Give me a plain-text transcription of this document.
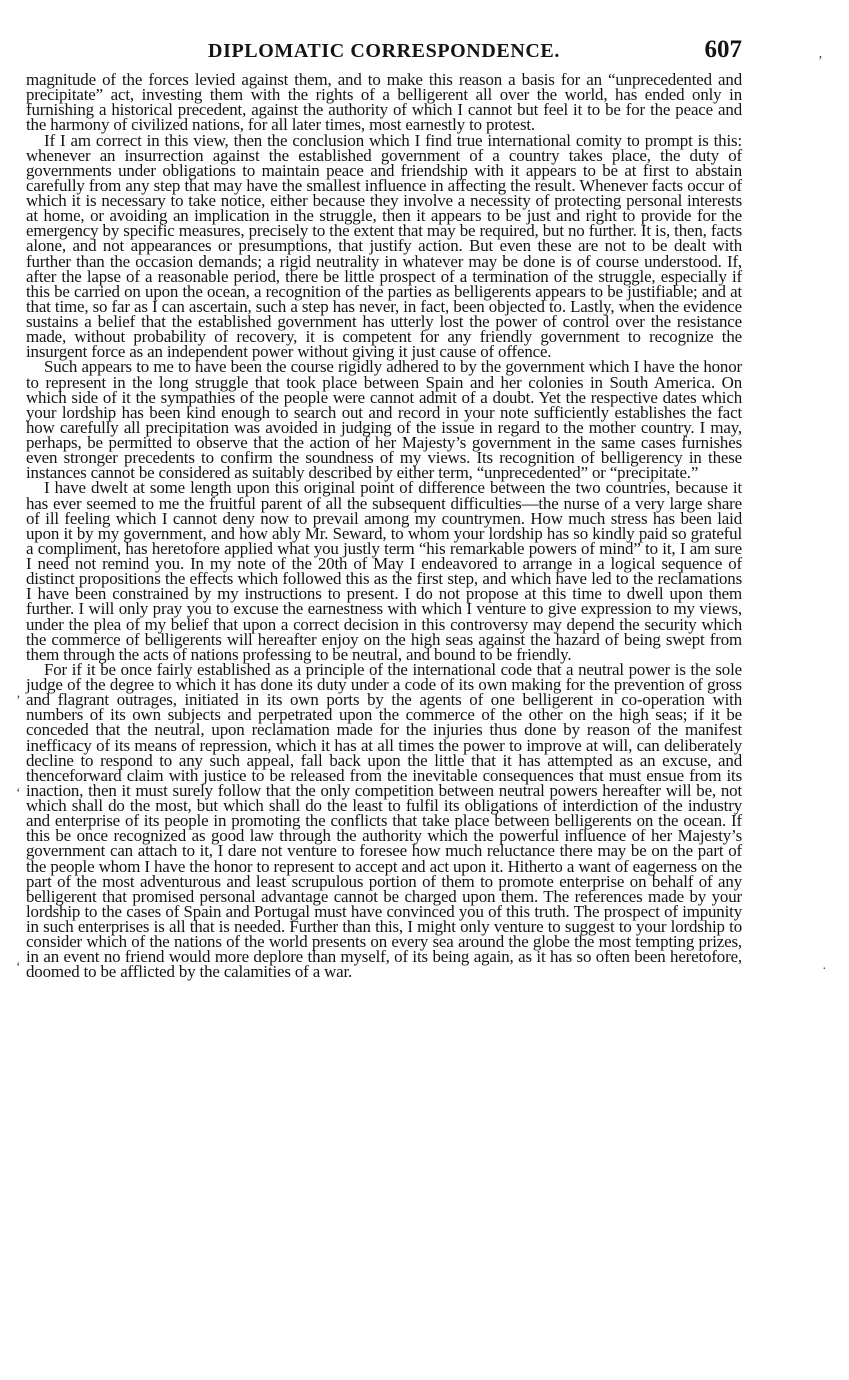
DIPLOMATIC CORRESPONDENCE.	607

magnitude of the forces levied against them, and to make this reason a basis for an “unprecedented and precipitate” act, investing them with the rights of a belligerent all over the world, has ended only in furnishing a historical precedent, against the authority of which I cannot but feel it to be for the peace and the harmony of civilized nations, for all later times, most earnestly to protest.

If I am correct in this view, then the conclusion which I find true international comity to prompt is this: whenever an insurrection against the established government of a country takes place, the duty of governments under obligations to maintain peace and friendship with it appears to be at first to abstain carefully from any step that may have the smallest influence in affecting the result. Whenever facts occur of which it is necessary to take notice, either because they involve a necessity of protecting personal interests at home, or avoiding an implication in the struggle, then it appears to be just and right to provide for the emergency by specific measures, precisely to the extent that may be required, but no further. It is, then, facts alone, and not appearances or presumptions, that justify action. But even these are not to be dealt with further than the occasion demands; a rigid neutrality in whatever may be done is of course understood. If, after the lapse of a reasonable period, there be little prospect of a termination of the struggle, especially if this be carried on upon the ocean, a recognition of the parties as belligerents appears to be justifiable; and at that time, so far as I can ascertain, such a step has never, in fact, been objected to. Lastly, when the evidence sustains a belief that the established government has utterly lost the power of control over the resistance made, without probability of recovery, it is competent for any friendly government to recognize the insurgent force as an independent power without giving it just cause of offence.

Such appears to me to have been the course rigidly adhered to by the government which I have the honor to represent in the long struggle that took place between Spain and her colonies in South America. On which side of it the sympathies of the people were cannot admit of a doubt. Yet the respective dates which your lordship has been kind enough to search out and record in your note sufficiently establishes the fact how carefully all precipitation was avoided in judging of the issue in regard to the mother country. I may, perhaps, be permitted to observe that the action of her Majesty’s government in the same cases furnishes even stronger precedents to confirm the soundness of my views. Its recognition of belligerency in these instances cannot be considered as suitably described by either term, “unprecedented” or “precipitate.”

I have dwelt at some length upon this original point of difference between the two countries, because it has ever seemed to me the fruitful parent of all the subsequent difficulties—the nurse of a very large share of ill feeling which I cannot deny now to prevail among my countrymen. How much stress has been laid upon it by my government, and how ably Mr. Seward, to whom your lordship has so kindly paid so grateful a compliment, has heretofore applied what you justly term “his remarkable powers of mind” to it, I am sure I need not remind you. In my note of the 20th of May I endeavored to arrange in a logical sequence of distinct propositions the effects which followed this as the first step, and which have led to the reclamations I have been constrained by my instructions to present. I do not propose at this time to dwell upon them further. I will only pray you to excuse the earnestness with which I venture to give expression to my views, under the plea of my belief that upon a correct decision in this controversy may depend the security which the commerce of belligerents will hereafter enjoy on the high seas against the hazard of being swept from them through the acts of nations professing to be neutral, and bound to be friendly.

For if it be once fairly established as a principle of the international code that a neutral power is the sole judge of the degree to which it has done its duty under a code of its own making for the prevention of gross and flagrant outrages, initiated in its own ports by the agents of one belligerent in co-operation with numbers of its own subjects and perpetrated upon the commerce of the other on the high seas; if it be conceded that the neutral, upon reclamation made for the injuries thus done by reason of the manifest inefficacy of its means of repression, which it has at all times the power to improve at will, can deliberately decline to respond to any such appeal, fall back upon the little that it has attempted as an excuse, and thenceforward claim with justice to be released from the inevitable consequences that must ensue from its inaction, then it must surely follow that the only competition between neutral powers hereafter will be, not which shall do the most, but which shall do the least to fulfil its obligations of interdiction of the industry and enterprise of its people in promoting the conflicts that take place between belligerents on the ocean. If this be once recognized as good law through the authority which the powerful influence of her Majesty’s government can attach to it, I dare not venture to foresee how much reluctance there may be on the part of the people whom I have the honor to represent to accept and act upon it. Hitherto a want of eagerness on the part of the most adventurous and least scrupulous portion of them to promote enterprise on behalf of any belligerent that promised personal advantage cannot be charged upon them. The references made by your lordship to the cases of Spain and Portugal must have convinced you of this truth. The prospect of impunity in such enterprises is all that is needed. Further than this, I might only venture to suggest to your lordship to consider which of the nations of the world presents on every sea around the globe the most tempting prizes, in an event no friend would more deplore than myself, of its being again, as it has so often been heretofore, doomed to be afflicted by the calamities of a war.

’
‚
‘
‘	·
